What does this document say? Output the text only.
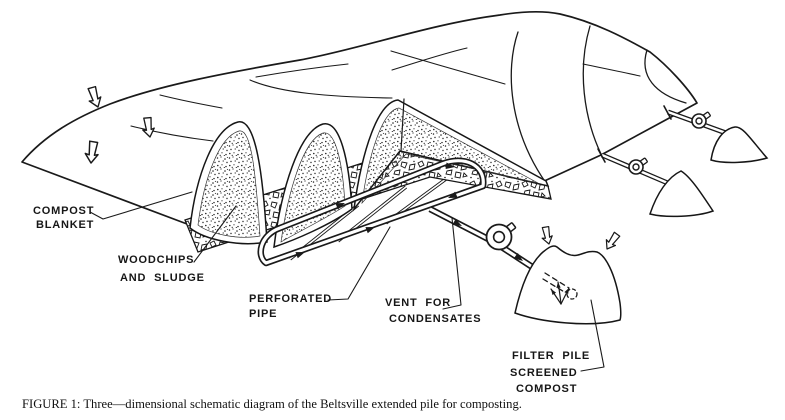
COMPOST
BLANKET
WOODCHIPS
AND SLUDGE
PERFORATED
PIPE
VENT FOR
CONDENSATES
FILTER PILE
SCREENED
COMPOST
FIGURE 1: Three—dimensional schematic diagram of the Beltsville extended pile for composting.
